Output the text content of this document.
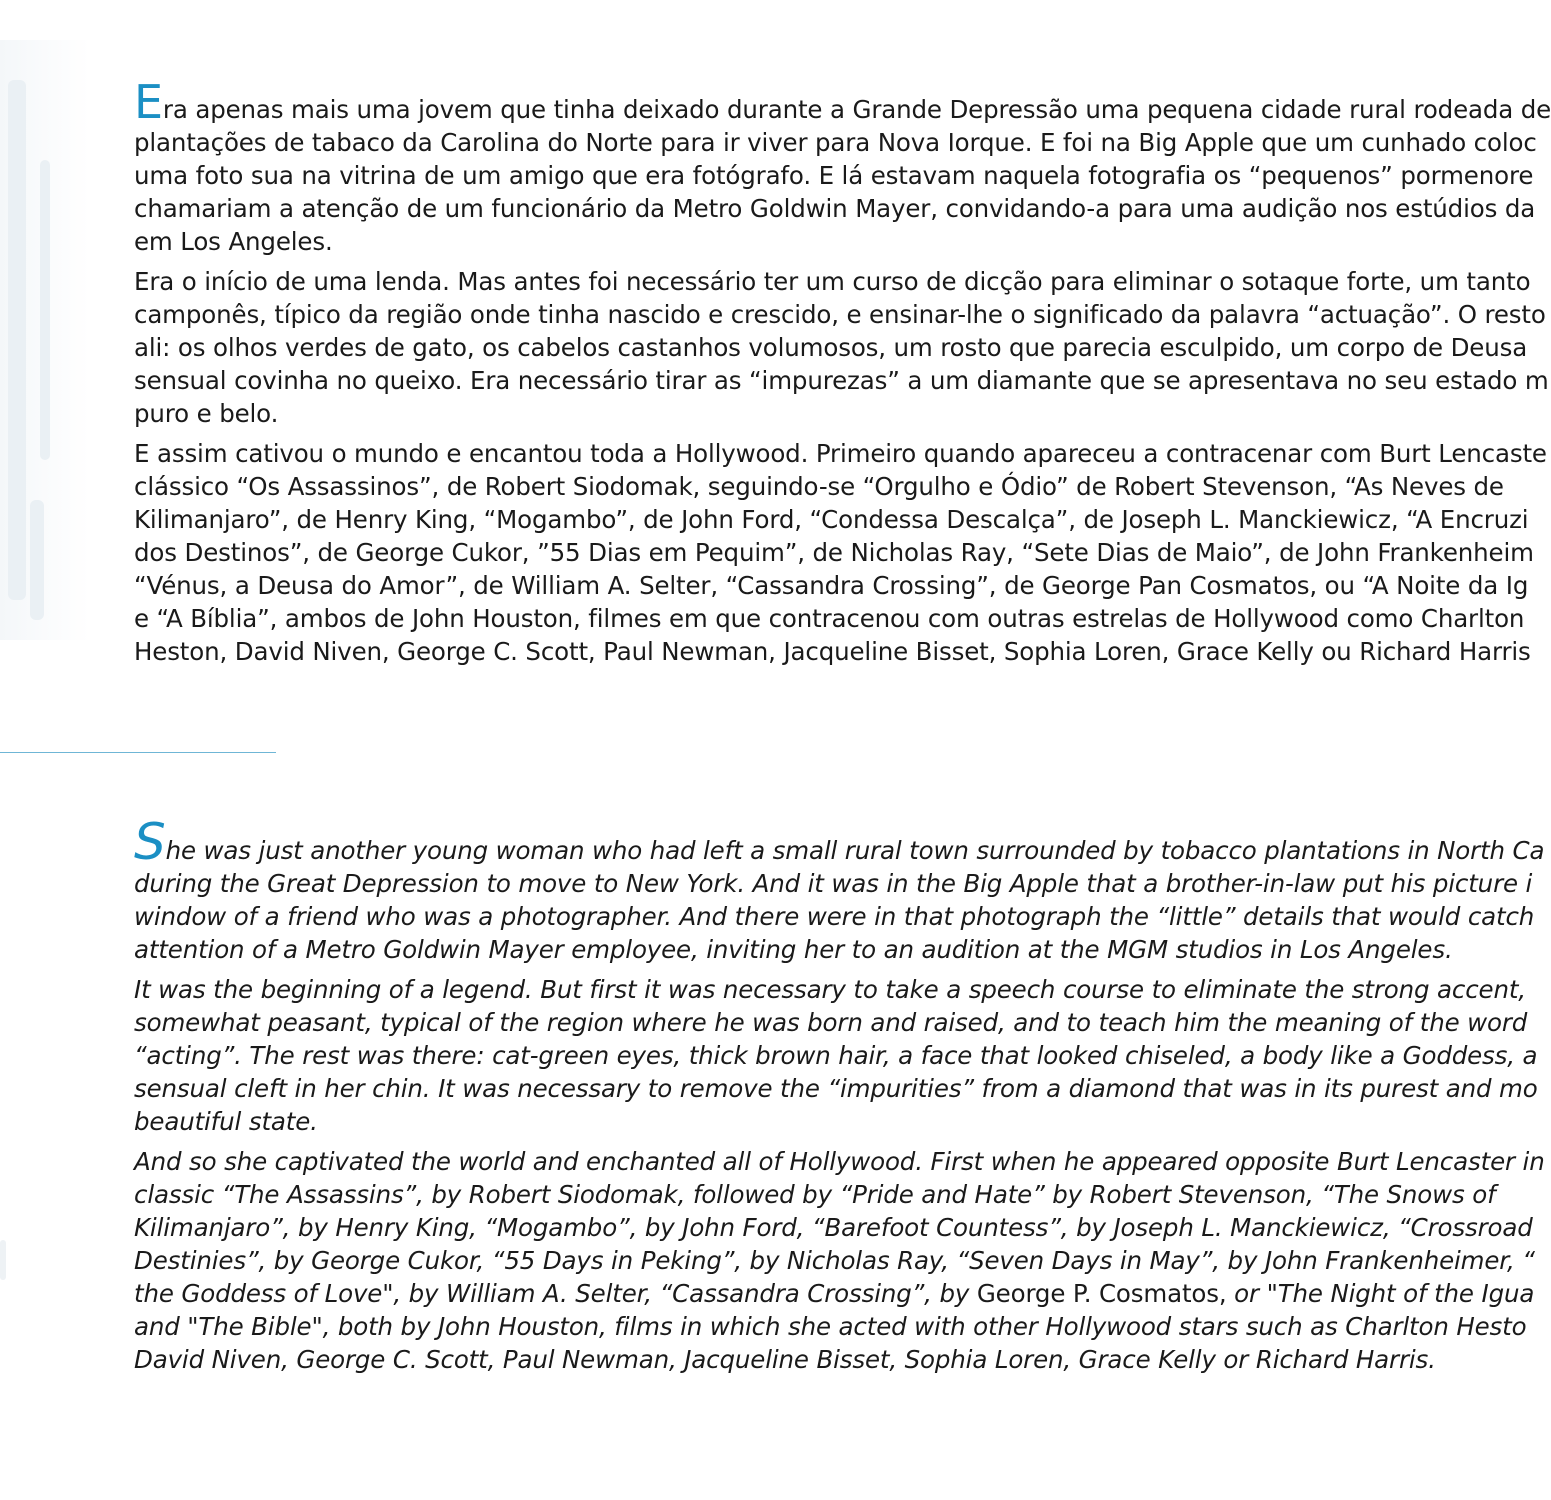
Era apenas mais uma jovem que tinha deixado durante a Grande Depressão uma pequena cidade rural rodeada de
plantações de tabaco da Carolina do Norte para ir viver para Nova Iorque. E foi na Big Apple que um cunhado coloc
uma foto sua na vitrina de um amigo que era fotógrafo. E lá estavam naquela fotografia os “pequenos” pormenore
chamariam a atenção de um funcionário da Metro Goldwin Mayer, convidando-a para uma audição nos estúdios da
em Los Angeles.

Era o início de uma lenda. Mas antes foi necessário ter um curso de dicção para eliminar o sotaque forte, um tanto
camponês, típico da região onde tinha nascido e crescido, e ensinar-lhe o significado da palavra “actuação”. O resto
ali: os olhos verdes de gato, os cabelos castanhos volumosos, um rosto que parecia esculpido, um corpo de Deusa
sensual covinha no queixo. Era necessário tirar as “impurezas” a um diamante que se apresentava no seu estado m
puro e belo.

E assim cativou o mundo e encantou toda a Hollywood. Primeiro quando apareceu a contracenar com Burt Lencaste
clássico “Os Assassinos”, de Robert Siodomak, seguindo-se “Orgulho e Ódio” de Robert Stevenson, “As Neves de
Kilimanjaro”, de Henry King, “Mogambo”, de John Ford, “Condessa Descalça”, de Joseph L. Manckiewicz, “A Encruzi
dos Destinos”, de George Cukor, ”55 Dias em Pequim”, de Nicholas Ray, “Sete Dias de Maio”, de John Frankenheim
“Vénus, a Deusa do Amor”, de William A. Selter, “Cassandra Crossing”, de George Pan Cosmatos, ou “A Noite da Ig
e “A Bíblia”, ambos de John Houston, filmes em que contracenou com outras estrelas de Hollywood como Charlton
Heston, David Niven, George C. Scott, Paul Newman, Jacqueline Bisset, Sophia Loren, Grace Kelly ou Richard Harris

She was just another young woman who had left a small rural town surrounded by tobacco plantations in North Ca
during the Great Depression to move to New York. And it was in the Big Apple that a brother-in-law put his picture i
window of a friend who was a photographer. And there were in that photograph the “little” details that would catch
attention of a Metro Goldwin Mayer employee, inviting her to an audition at the MGM studios in Los Angeles.

It was the beginning of a legend. But first it was necessary to take a speech course to eliminate the strong accent,
somewhat peasant, typical of the region where he was born and raised, and to teach him the meaning of the word
“acting”. The rest was there: cat-green eyes, thick brown hair, a face that looked chiseled, a body like a Goddess, a
sensual cleft in her chin. It was necessary to remove the “impurities” from a diamond that was in its purest and mo
beautiful state.

And so she captivated the world and enchanted all of Hollywood. First when he appeared opposite Burt Lencaster in
classic “The Assassins”, by Robert Siodomak, followed by “Pride and Hate” by Robert Stevenson, “The Snows of
Kilimanjaro”, by Henry King, “Mogambo”, by John Ford, “Barefoot Countess”, by Joseph L. Manckiewicz, “Crossroad
Destinies”, by George Cukor, “55 Days in Peking”, by Nicholas Ray, “Seven Days in May”, by John Frankenheimer, “
the Goddess of Love", by William A. Selter, “Cassandra Crossing”, by George P. Cosmatos, or "The Night of the Igua
and "The Bible", both by John Houston, films in which she acted with other Hollywood stars such as Charlton Hesto
David Niven, George C. Scott, Paul Newman, Jacqueline Bisset, Sophia Loren, Grace Kelly or Richard Harris.
